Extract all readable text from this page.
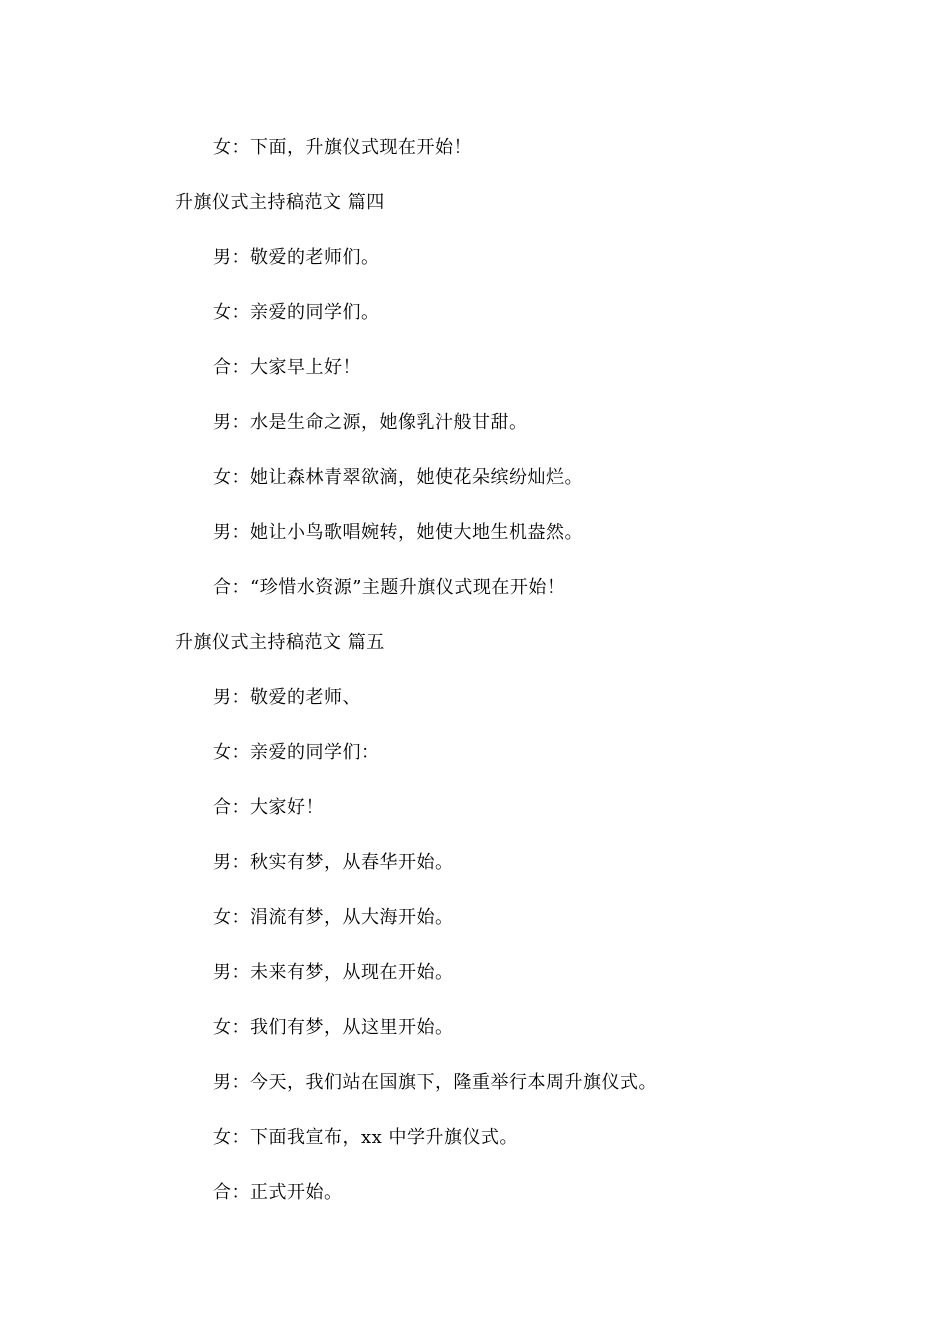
女：下面，升旗仪式现在开始！
升旗仪式主持稿范文 篇四
男：敬爱的老师们。
女：亲爱的同学们。
合：大家早上好！
男：水是生命之源，她像乳汁般甘甜。
女：她让森林青翠欲滴，她使花朵缤纷灿烂。
男：她让小鸟歌唱婉转，她使大地生机盎然。
合：“珍惜水资源”主题升旗仪式现在开始！
升旗仪式主持稿范文 篇五
男：敬爱的老师、
女：亲爱的同学们：
合：大家好！
男：秋实有梦，从春华开始。
女：涓流有梦，从大海开始。
男：未来有梦，从现在开始。
女：我们有梦，从这里开始。
男：今天，我们站在国旗下，隆重举行本周升旗仪式。
女：下面我宣布，xx 中学升旗仪式。
合：正式开始。
